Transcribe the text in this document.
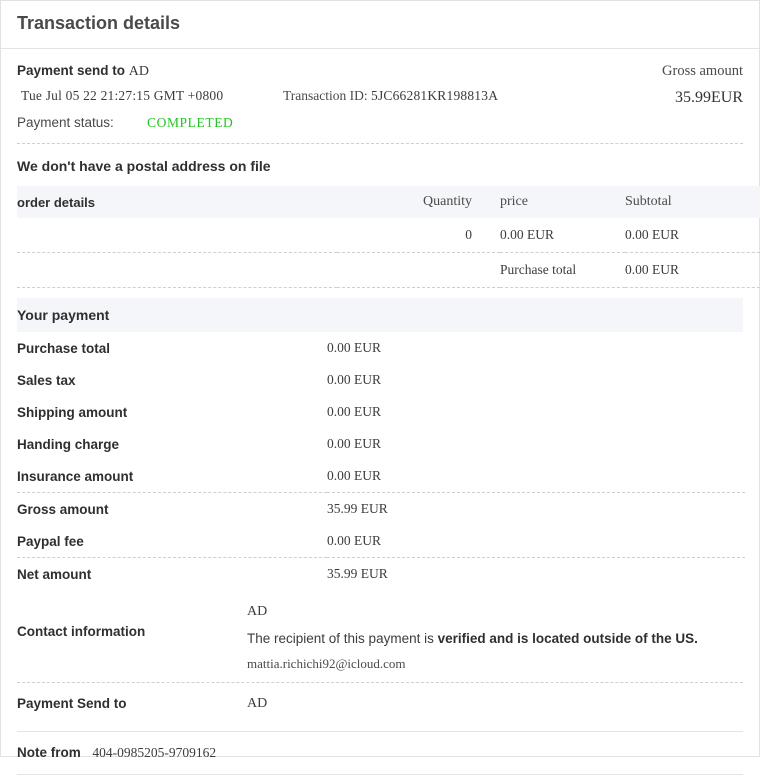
Transaction details
Payment send to AD
Tue Jul 05 22 21:27:15 GMT +0800	Transaction ID: 5JC66281KR198813A
Payment status: COMPLETED
Gross amount
35.99EUR
We don't have a postal address on file
order details	Quantity	price	Subtotal
	0	0.00 EUR	0.00 EUR
		Purchase total	0.00 EUR
Your payment
Purchase total	0.00 EUR
Sales tax	0.00 EUR
Shipping amount	0.00 EUR
Handing charge	0.00 EUR
Insurance amount	0.00 EUR
Gross amount	35.99 EUR
Paypal fee	0.00 EUR
Net amount	35.99 EUR
Contact information
AD
The recipient of this payment is verified and is located outside of the US.
mattia.richichi92@icloud.com
Payment Send to	AD
Note from 404-0985205-9709162
